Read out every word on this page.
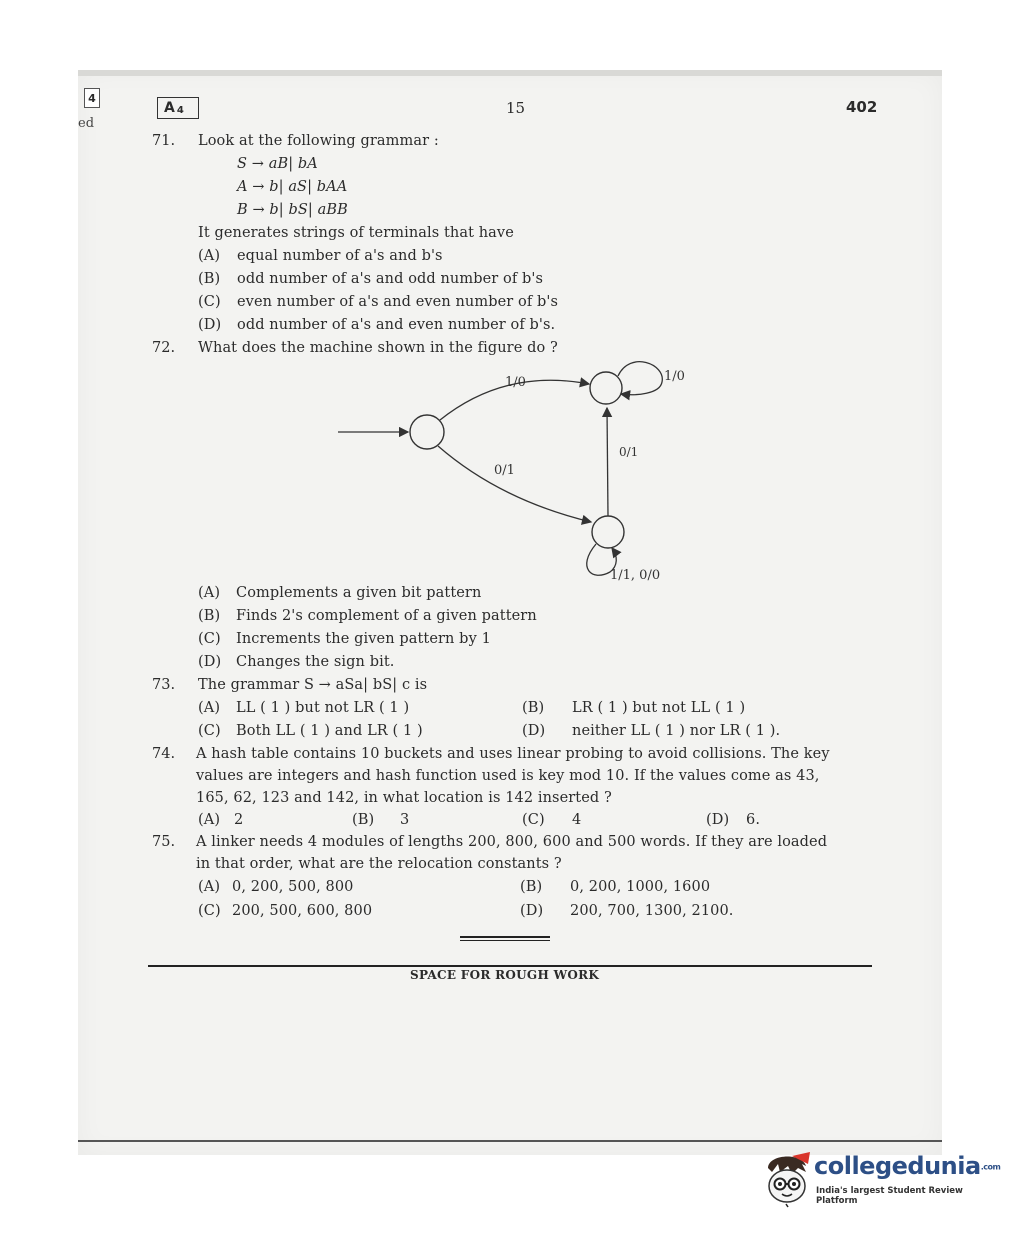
4
ed
A 4	15	402
71. Look at the following grammar :
S → aB| bA
A → b| aS| bAA
B → b| bS| aBB
It generates strings of terminals that have
(A) equal number of a's and b's
(B) odd number of a's and odd number of b's
(C) even number of a's and even number of b's
(D) odd number of a's and even number of b's.
72. What does the machine shown in the figure do ?
1/0	1/0
0/1
0/1
1/1, 0/0
(A) Complements a given bit pattern
(B) Finds 2's complement of a given pattern
(C) Increments the given pattern by 1
(D) Changes the sign bit.
73. The grammar S → aSa| bS| c is
(A) LL ( 1 ) but not LR ( 1 )	(B) LR ( 1 ) but not LL ( 1 )
(C) Both LL ( 1 ) and LR ( 1 )	(D) neither LL ( 1 ) nor LR ( 1 ).
74. A hash table contains 10 buckets and uses linear probing to avoid collisions. The key
values are integers and hash function used is key mod 10. If the values come as 43,
165, 62, 123 and 142, in what location is 142 inserted ?
(A) 2	(B) 3	(C) 4	(D) 6.
75. A linker needs 4 modules of lengths 200, 800, 600 and 500 words. If they are loaded
in that order, what are the relocation constants ?
(A) 0, 200, 500, 800	(B) 0, 200, 1000, 1600
(C) 200, 500, 600, 800	(D) 200, 700, 1300, 2100.
SPACE FOR ROUGH WORK
collegedunia.com
India's largest Student Review Platform
